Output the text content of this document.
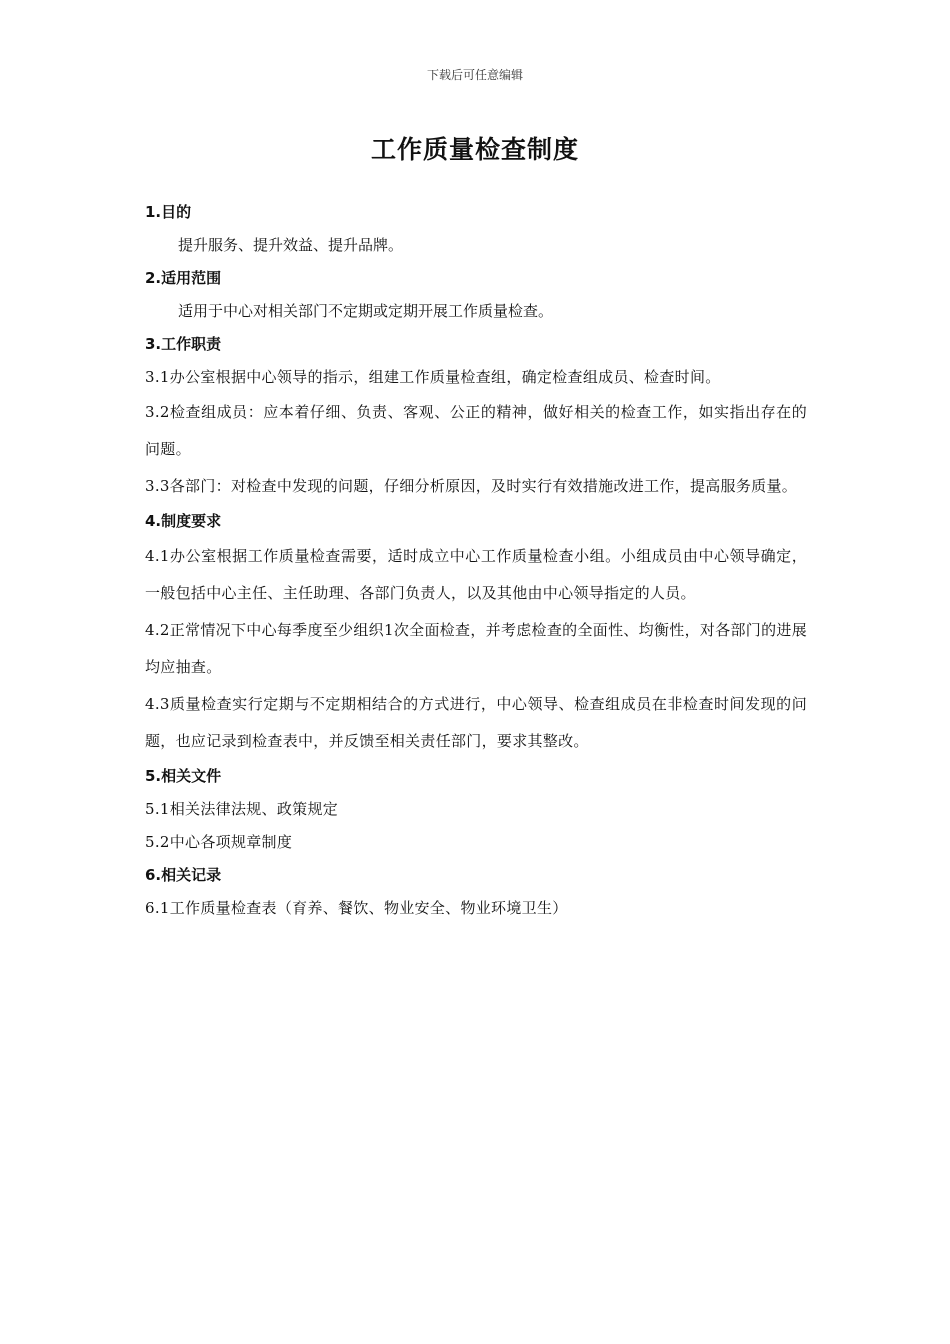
下载后可任意编辑
工作质量检查制度
1.目的
提升服务、提升效益、提升品牌。
2.适用范围
适用于中心对相关部门不定期或定期开展工作质量检查。
3.工作职责
3.1办公室根据中心领导的指示，组建工作质量检查组，确定检查组成员、检查时间。
3.2检查组成员：应本着仔细、负责、客观、公正的精神，做好相关的检查工作，如实指出存在的问题。
3.3各部门：对检查中发现的问题，仔细分析原因，及时实行有效措施改进工作，提高服务质量。
4.制度要求
4.1办公室根据工作质量检查需要，适时成立中心工作质量检查小组。小组成员由中心领导确定，一般包括中心主任、主任助理、各部门负责人，以及其他由中心领导指定的人员。
4.2正常情况下中心每季度至少组织1次全面检查，并考虑检查的全面性、均衡性，对各部门的进展均应抽查。
4.3质量检查实行定期与不定期相结合的方式进行，中心领导、检查组成员在非检查时间发现的问题，也应记录到检查表中，并反馈至相关责任部门，要求其整改。
5.相关文件
5.1相关法律法规、政策规定
5.2中心各项规章制度
6.相关记录
6.1工作质量检查表（育养、餐饮、物业安全、物业环境卫生）
